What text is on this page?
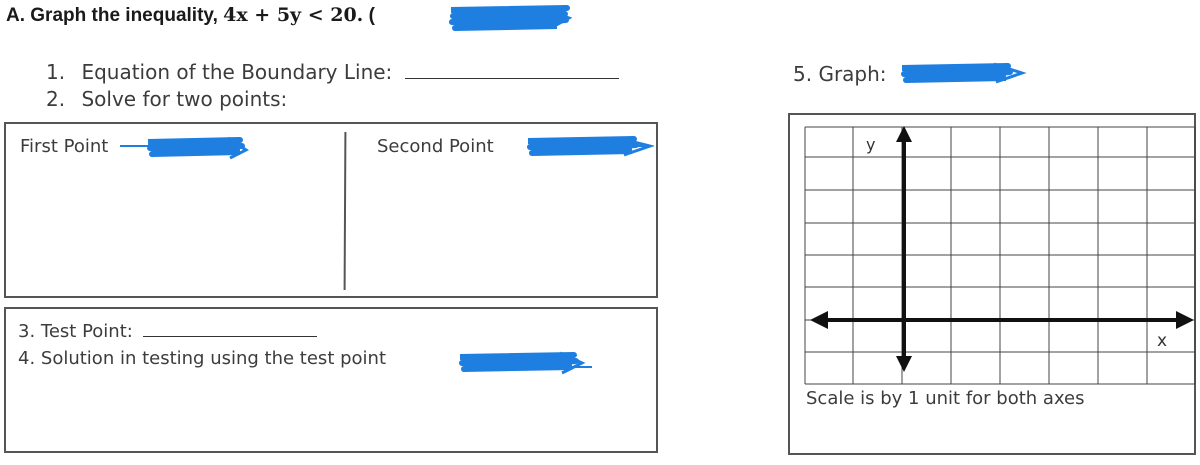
A. Graph the inequality, 4x + 5y < 20. (
1. Equation of the Boundary Line:
2. Solve for two points:
First Point	Second Point
3. Test Point:
4. Solution in testing using the test point
5. Graph:
y
x
Scale is by 1 unit for both axes
